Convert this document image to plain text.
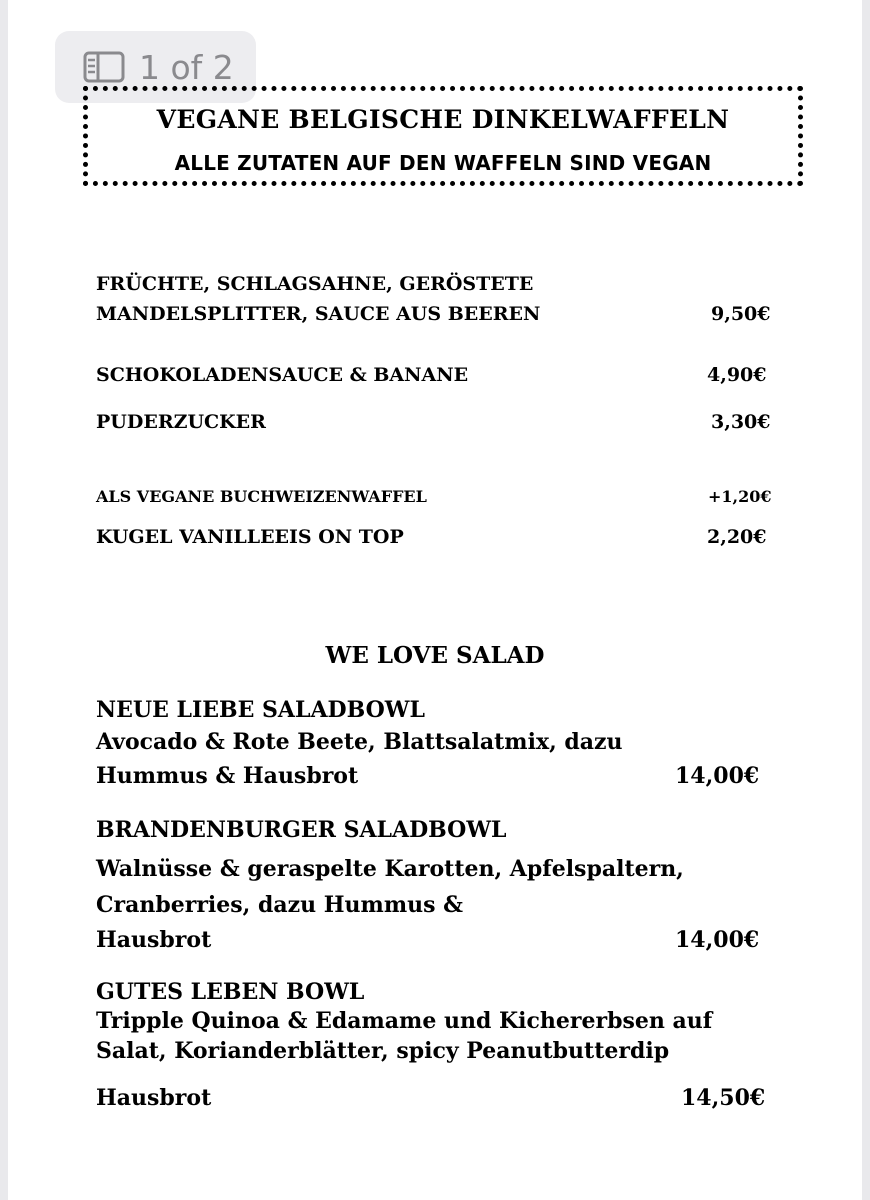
1 of 2
VEGANE BELGISCHE DINKELWAFFELN
ALLE ZUTATEN AUF DEN WAFFELN SIND VEGAN
FRÜCHTE, SCHLAGSAHNE, GERÖSTETE
MANDELSPLITTER, SAUCE AUS BEEREN	9,50€
SCHOKOLADENSAUCE & BANANE	4,90€
PUDERZUCKER	3,30€
ALS VEGANE BUCHWEIZENWAFFEL	+1,20€
KUGEL VANILLEEIS ON TOP	2,20€
WE LOVE SALAD
NEUE LIEBE SALADBOWL
Avocado & Rote Beete, Blattsalatmix, dazu
Hummus & Hausbrot	14,00€
BRANDENBURGER SALADBOWL
Walnüsse & geraspelte Karotten, Apfelspaltern,
Cranberries, dazu Hummus &
Hausbrot	14,00€
GUTES LEBEN BOWL
Tripple Quinoa & Edamame und Kichererbsen auf
Salat, Korianderblätter, spicy Peanutbutterdip
Hausbrot	14,50€
